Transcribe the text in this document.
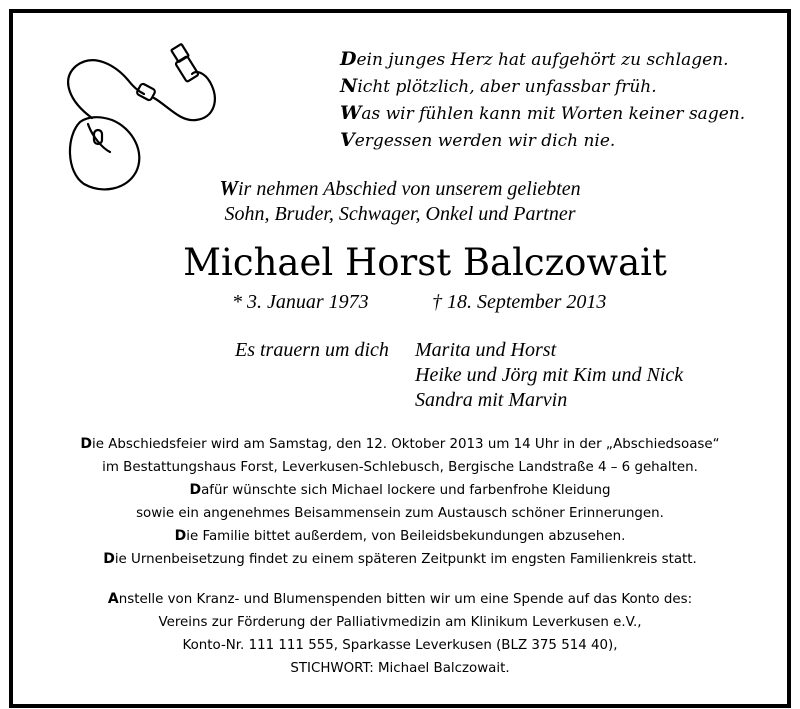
Dein junges Herz hat aufgehört zu schlagen.
Nicht plötzlich, aber unfassbar früh.
Was wir fühlen kann mit Worten keiner sagen.
Vergessen werden wir dich nie.
Wir nehmen Abschied von unserem geliebten
Sohn, Bruder, Schwager, Onkel und Partner
Michael Horst Balczowait
* 3. Januar 1973	† 18. September 2013
Es trauern um dich Marita und Horst
Heike und Jörg mit Kim und Nick
Sandra mit Marvin
Die Abschiedsfeier wird am Samstag, den 12. Oktober 2013 um 14 Uhr in der „Abschiedsoase“
im Bestattungshaus Forst, Leverkusen-Schlebusch, Bergische Landstraße 4 – 6 gehalten.
Dafür wünschte sich Michael lockere und farbenfrohe Kleidung
sowie ein angenehmes Beisammensein zum Austausch schöner Erinnerungen.
Die Familie bittet außerdem, von Beileidsbekundungen abzusehen.
Die Urnenbeisetzung findet zu einem späteren Zeitpunkt im engsten Familienkreis statt.
Anstelle von Kranz- und Blumenspenden bitten wir um eine Spende auf das Konto des:
Vereins zur Förderung der Palliativmedizin am Klinikum Leverkusen e.V.,
Konto-Nr. 111 111 555, Sparkasse Leverkusen (BLZ 375 514 40),
STICHWORT: Michael Balczowait.
